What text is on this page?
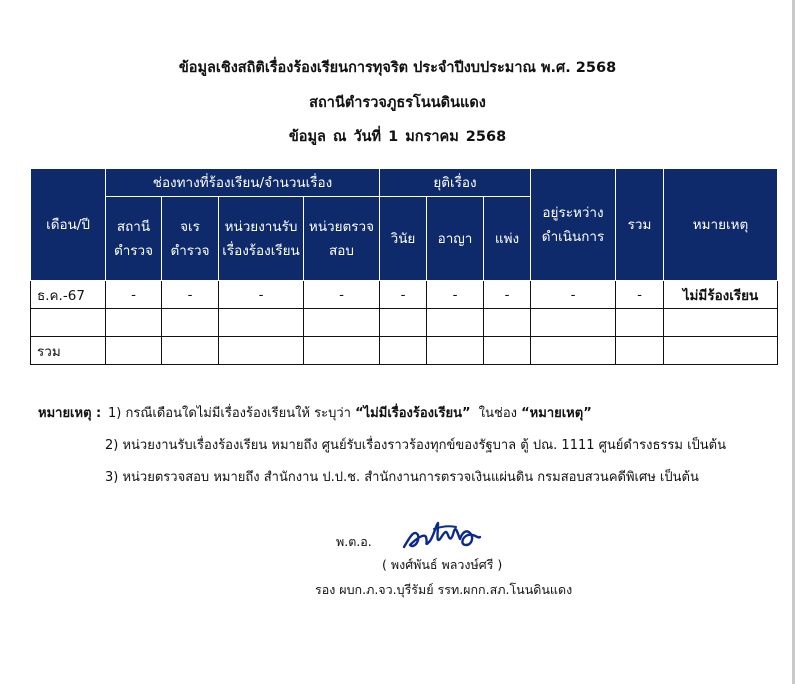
ข้อมูลเชิงสถิติเรื่องร้องเรียนการทุจริต ประจำปีงบประมาณ พ.ศ. 2568
สถานีตำรวจภูธรโนนดินแดง
ข้อมูล ณ วันที่ 1 มกราคม 2568
เดือน/ปี	ช่องทางที่ร้องเรียน/จำนวนเรื่อง				ยุติเรื่อง			อยู่ระหว่างดำเนินการ	รวม	หมายเหตุ
	สถานีตำรวจ	จเรตำรวจ	หน่วยงานรับเรื่องร้องเรียน	หน่วยตรวจสอบ	วินัย	อาญา	แพ่ง			
ธ.ค.-67	-	-	-	-	-	-	-	-	-	ไม่มีร้องเรียน

รวม										
หมายเหตุ : 1) กรณีเดือนใดไม่มีเรื่องร้องเรียนให้ ระบุว่า “ไม่มีเรื่องร้องเรียน”  ในช่อง “หมายเหตุ”
2) หน่วยงานรับเรื่องร้องเรียน หมายถึง ศูนย์รับเรื่องราวร้องทุกข์ของรัฐบาล ตู้ ปณ. 1111 ศูนย์ดำรงธรรม เป็นต้น
3) หน่วยตรวจสอบ หมายถึง สำนักงาน ป.ป.ช. สำนักงานการตรวจเงินแผ่นดิน กรมสอบสวนคดีพิเศษ เป็นต้น
พ.ต.อ.
( พงศ์พันธ์ พลวงษ์ศรี )
รอง ผบก.ภ.จว.บุรีรัมย์ รรท.ผกก.สภ.โนนดินแดง
